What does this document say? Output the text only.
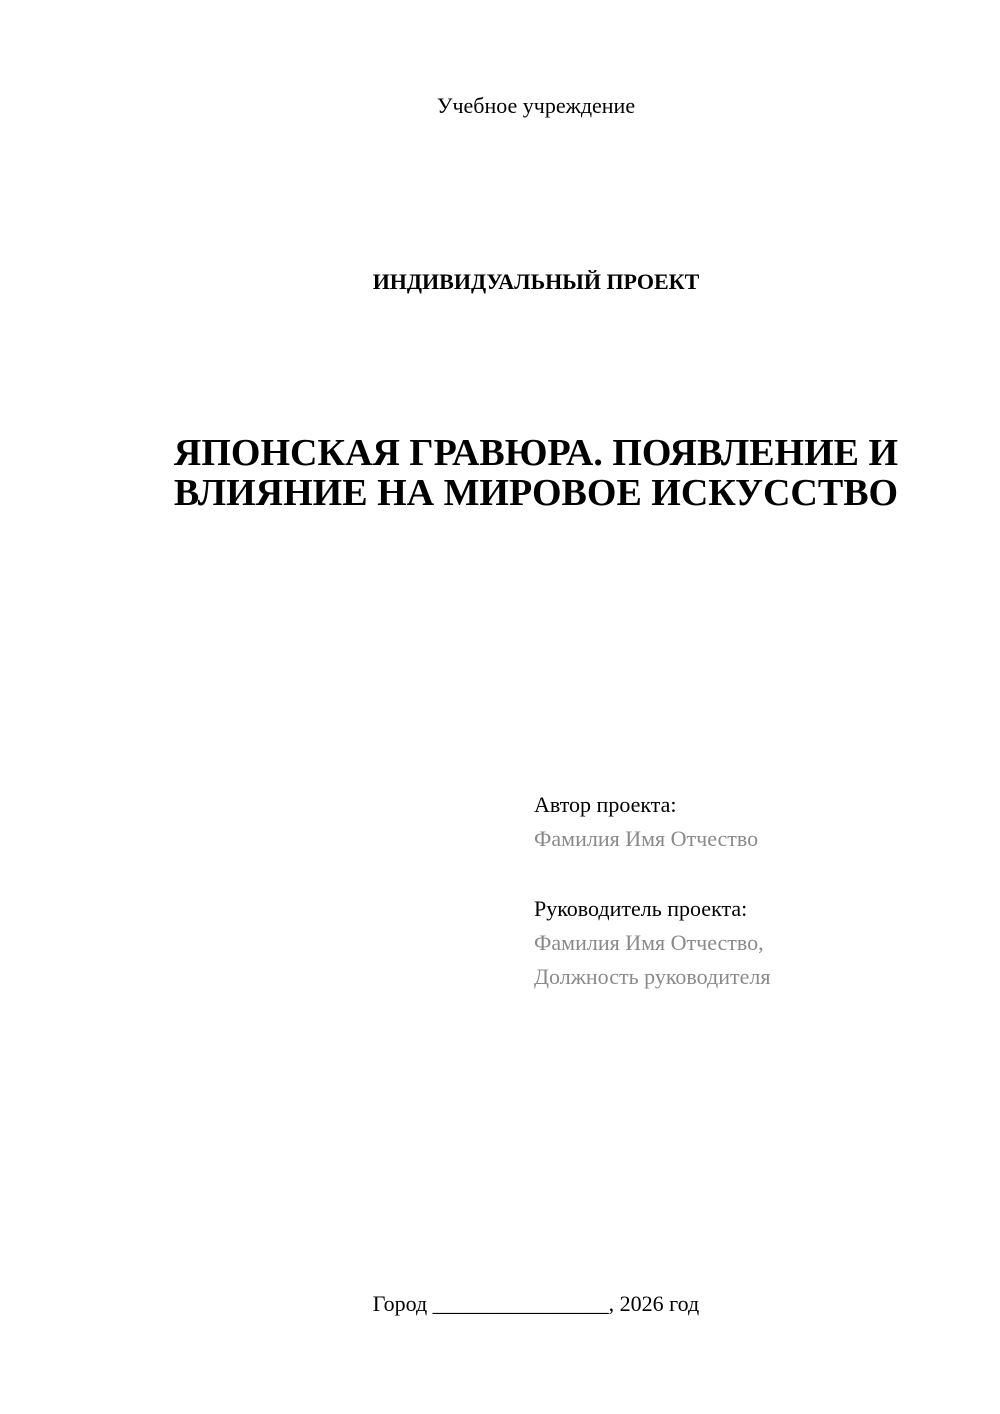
Учебное учреждение
ИНДИВИДУАЛЬНЫЙ ПРОЕКТ
ЯПОНСКАЯ ГРАВЮРА. ПОЯВЛЕНИЕ И
ВЛИЯНИЕ НА МИРОВОЕ ИСКУССТВО
Автор проекта:
Фамилия Имя Отчество
Руководитель проекта:
Фамилия Имя Отчество,
Должность руководителя
Город ________________, 2026 год
